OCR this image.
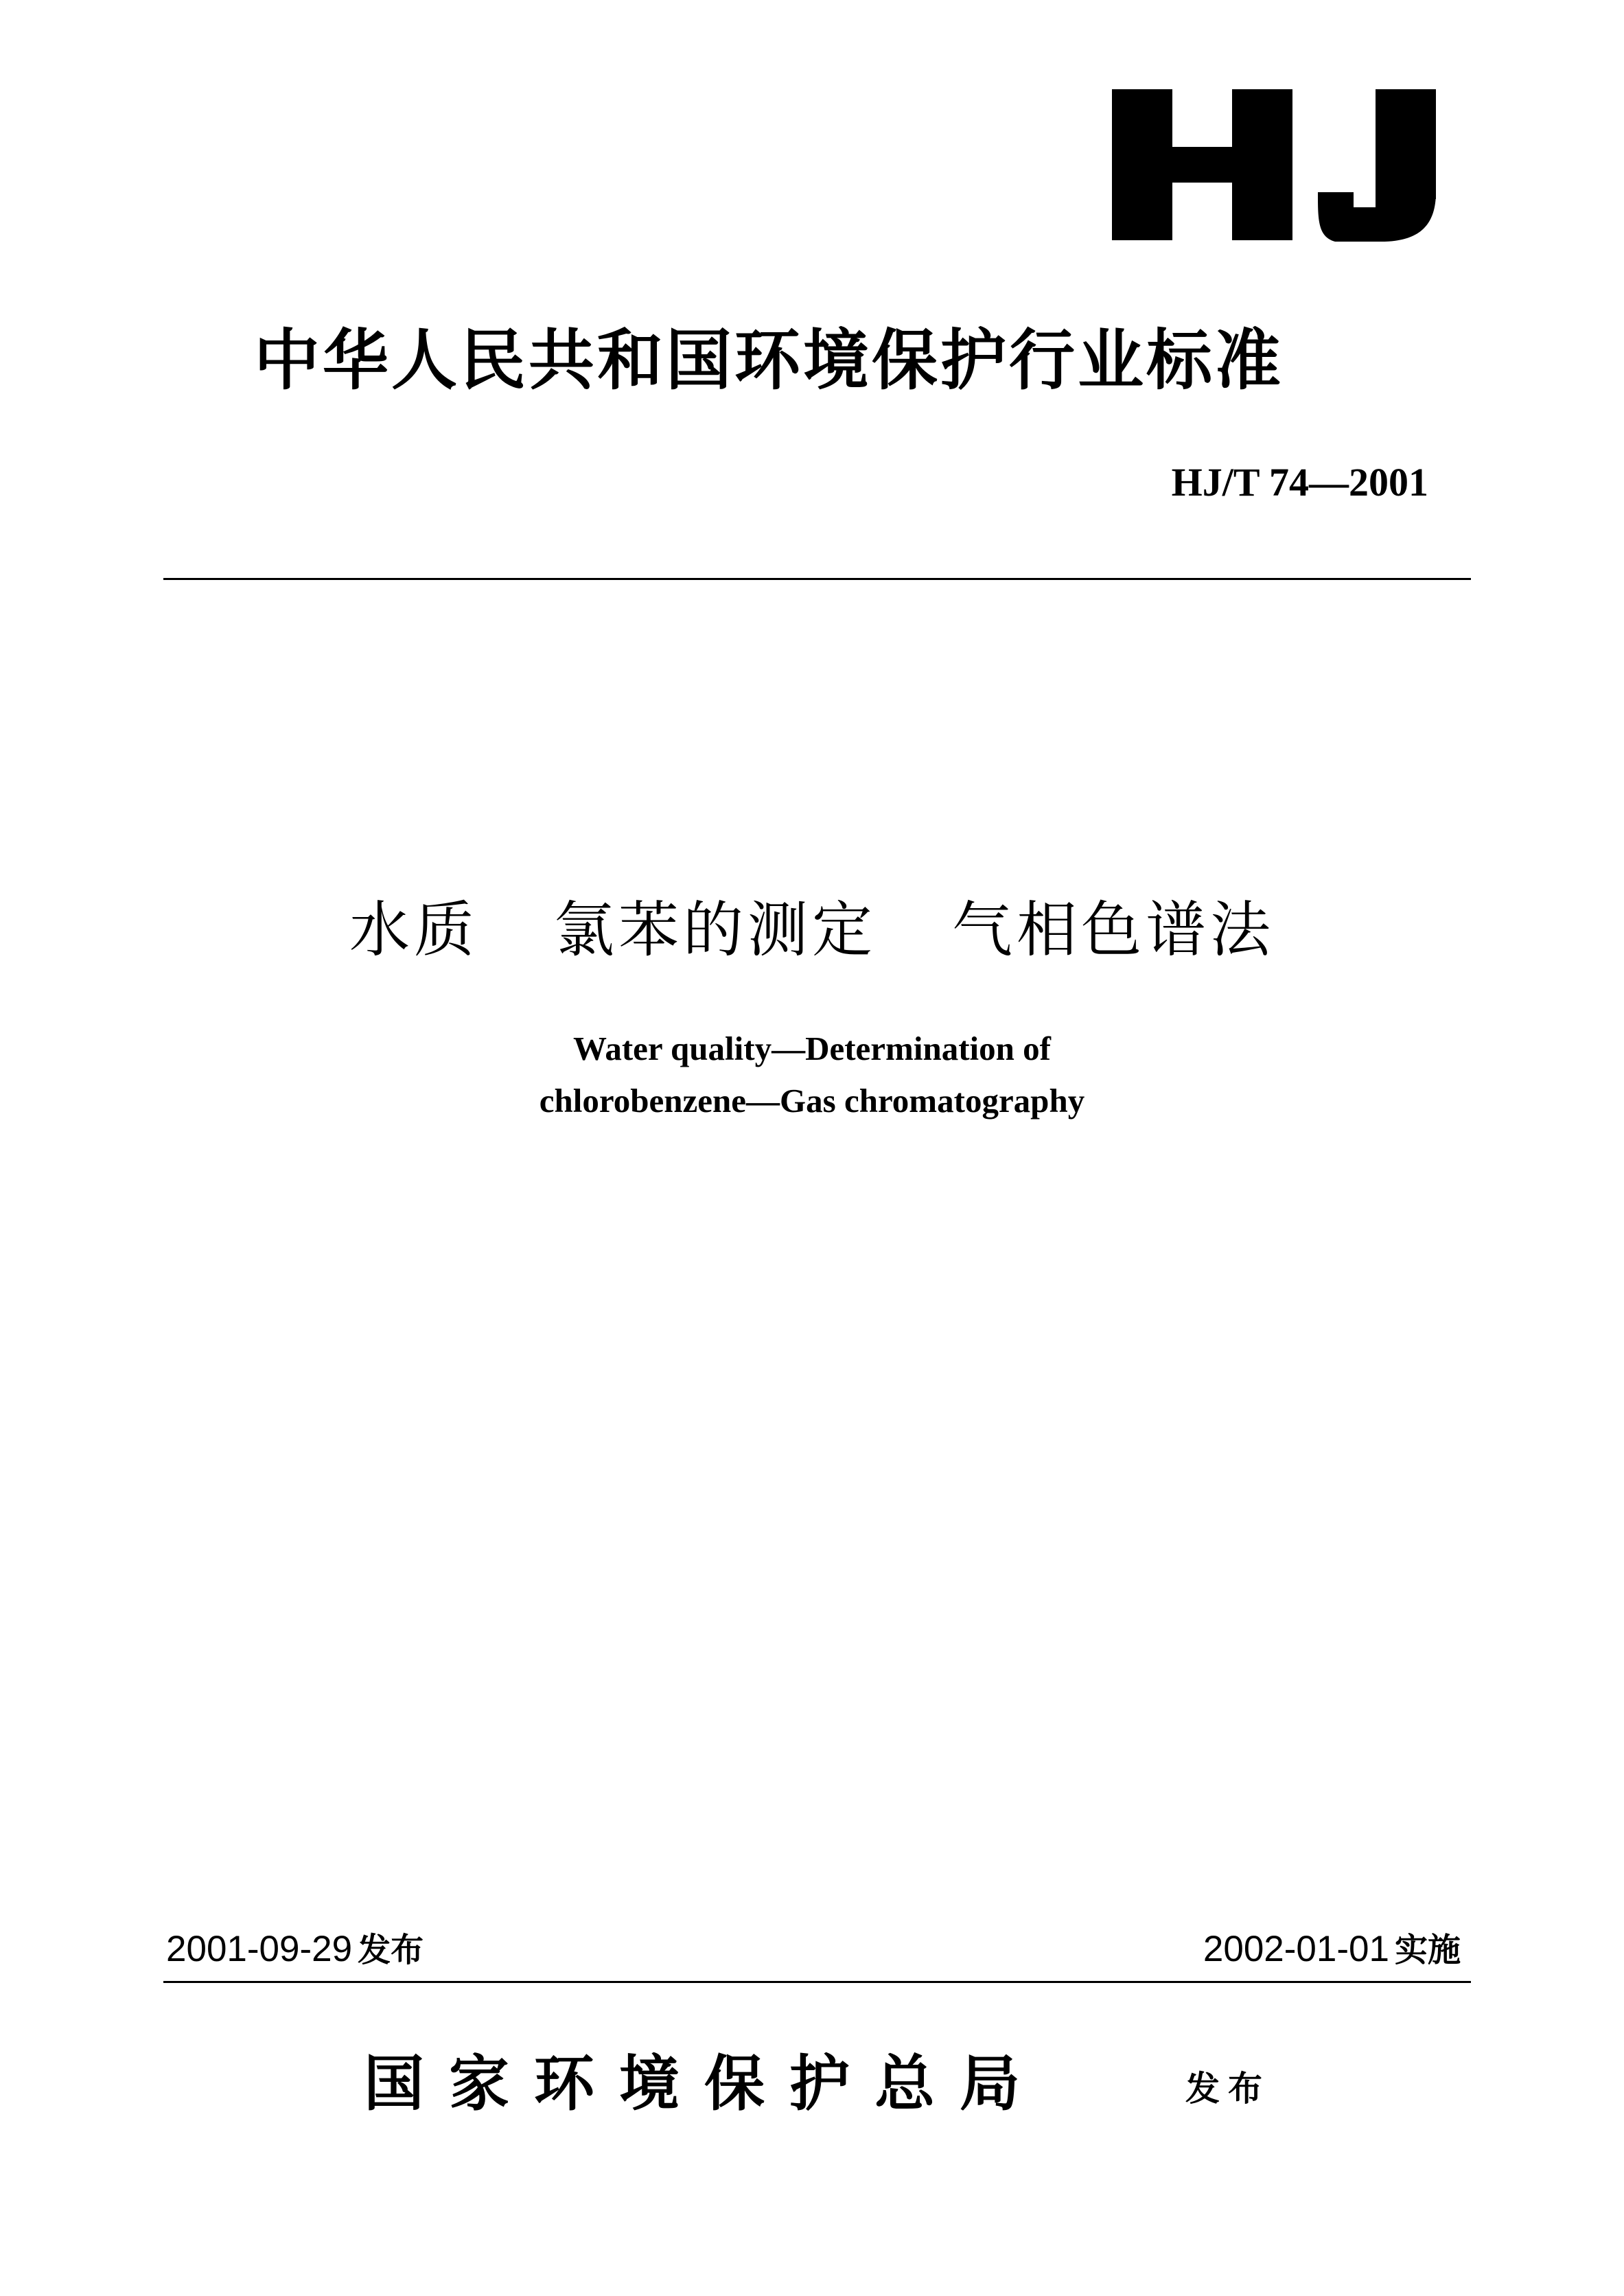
中华人民共和国环境保护行业标准
HJ/T 74—2001
水质 氯苯的测定 气相色谱法
Water quality—Determination of
chlorobenzene—Gas chromatography
2001-09-29 发布	2002-01-01 实施
国家环境保护总局	发布
